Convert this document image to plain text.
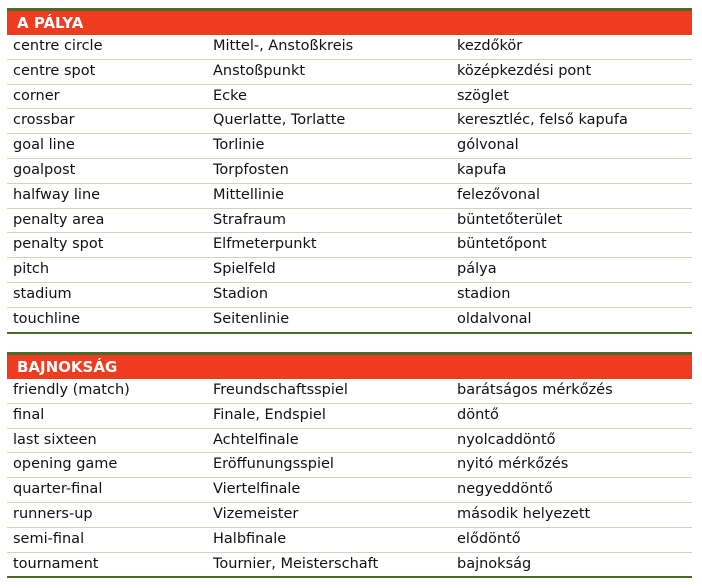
A PÁLYA
centre circle	Mittel-, Anstoßkreis	kezdőkör
centre spot	Anstoßpunkt	középkezdési pont
corner	Ecke	szöglet
crossbar	Querlatte, Torlatte	keresztléc, felső kapufa
goal line	Torlinie	gólvonal
goalpost	Torpfosten	kapufa
halfway line	Mittellinie	felezővonal
penalty area	Strafraum	büntetőterület
penalty spot	Elfmeterpunkt	büntetőpont
pitch	Spielfeld	pálya
stadium	Stadion	stadion
touchline	Seitenlinie	oldalvonal
BAJNOKSÁG
friendly (match)	Freundschaftsspiel	barátságos mérkőzés
final	Finale, Endspiel	döntő
last sixteen	Achtelfinale	nyolcaddöntő
opening game	Eröffunungsspiel	nyitó mérkőzés
quarter-final	Viertelfinale	negyeddöntő
runners-up	Vizemeister	második helyezett
semi-final	Halbfinale	elődöntő
tournament	Tournier, Meisterschaft	bajnokság
